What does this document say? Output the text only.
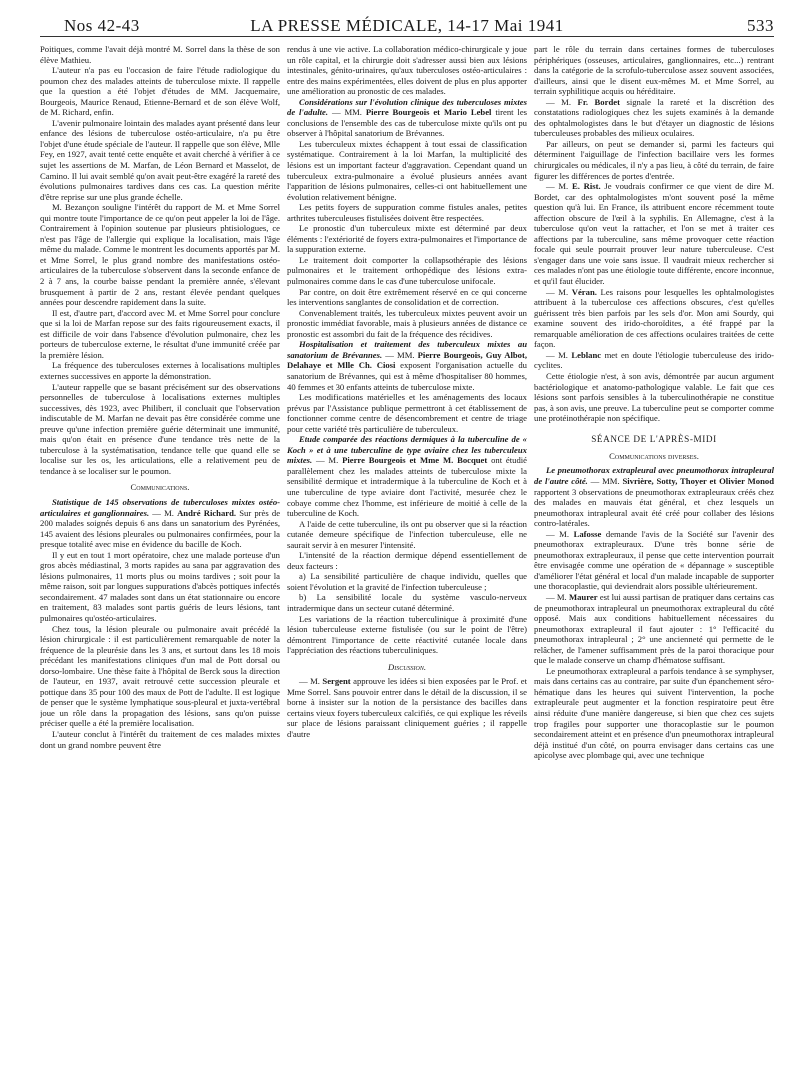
Nos 42-43	LA PRESSE MÉDICALE, 14-17 Mai 1941	533

Poitiques, comme l'avait déjà montré M. Sorrel dans la thèse de son élève Mathieu.

L'auteur n'a pas eu l'occasion de faire l'étude radiologique du poumon chez des malades atteints de tuberculose mixte. Il rappelle que la question a été l'objet d'études de MM. Jacquemaire, Bourgeois, Maurice Renaud, Etienne-Bernard et de son élève Wolf, de M. Richard, enfin.

L'avenir pulmonaire lointain des malades ayant présenté dans leur enfance des lésions de tuberculose ostéo-articulaire, n'a pu être l'objet d'une étude spéciale de l'auteur. Il rappelle que son élève, Mlle Fey, en 1927, avait tenté cette enquête et avait cherché à vérifier à ce sujet les assertions de M. Marfan, de Léon Bernard et Masselot, de Camino. Il lui avait semblé qu'on avait peut-être exagéré la rareté des évolutions pulmonaires tardives dans ces cas. La question mérite d'être reprise sur une plus grande échelle.

M. Bezançon souligne l'intérêt du rapport de M. et Mme Sorrel qui montre toute l'importance de ce qu'on peut appeler la loi de l'âge. Contrairement à l'opinion soutenue par plusieurs phtisiologues, ce n'est pas l'âge de l'allergie qui explique la localisation, mais l'âge même du malade. Comme le montrent les documents apportés par M. et Mme Sorrel, le plus grand nombre des manifestations ostéo-articulaires de la tuberculose s'observent dans la seconde enfance de 2 à 7 ans, la courbe baisse pendant la première année, s'élevant brusquement à partir de 2 ans, restant élevée pendant quelques années pour descendre rapidement dans la suite.

Il est, d'autre part, d'accord avec M. et Mme Sorrel pour conclure que si la loi de Marfan repose sur des faits rigoureusement exacts, il est difficile de voir dans l'absence d'évolution pulmonaire, chez les porteurs de tuberculose externe, le résultat d'une immunité créée par la première lésion.

La fréquence des tuberculoses externes à localisations multiples externes successives en apporte la démonstration.

L'auteur rappelle que se basant précisément sur des observations personnelles de tuberculose à localisations externes multiples successives, dès 1923, avec Philibert, il concluait que l'observation indiscutable de M. Marfan ne devait pas être considérée comme une preuve qu'une infection première guérie déterminait une immunité, mais qu'on était en présence d'une tendance très nette de la tuberculose à la systématisation, tendance telle que quand elle se localise sur les os, les articulations, elle a relativement peu de tendance à se localiser sur le poumon.

Communications.

Statistique de 145 observations de tuberculoses mixtes ostéo-articulaires et ganglionnaires. — M. André Richard. Sur près de 200 malades soignés depuis 6 ans dans un sanatorium des Pyrénées, 145 avaient des lésions pleurales ou pulmonaires confirmées, pour la presque totalité avec mise en évidence du bacille de Koch.

Il y eut en tout 1 mort opératoire, chez une malade porteuse d'un gros abcès médiastinal, 3 morts rapides au sana par aggravation des lésions pulmonaires, 11 morts plus ou moins tardives ; soit pour la même raison, soit par longues suppurations d'abcès pottiques infectés secondairement. 47 malades sont dans un état stationnaire ou encore en traitement, 83 malades sont partis guéris de leurs lésions, tant pulmonaires qu'ostéo-articulaires.

Chez tous, la lésion pleurale ou pulmonaire avait précédé la lésion chirurgicale : il est particulièrement remarquable de noter la fréquence de la pleurésie dans les 3 ans, et surtout dans les 18 mois précédant les manifestations cliniques d'un mal de Pott dorsal ou dorso-lombaire. Une thèse faite à l'hôpital de Berck sous la direction de l'auteur, en 1937, avait retrouvé cette succession pleurale et pottique dans 35 pour 100 des maux de Pott de l'adulte. Il est logique de penser que le système lymphatique sous-pleural et juxta-vertébral joue un rôle dans la propagation des lésions, sans qu'on puisse préciser quelle a été la première localisation.

L'auteur conclut à l'intérêt du traitement de ces malades mixtes dont un grand nombre peuvent être

rendus à une vie active. La collaboration médico-chirurgicale y joue un rôle capital, et la chirurgie doit s'adresser aussi bien aux lésions intestinales, génito-urinaires, qu'aux tuberculoses ostéo-articulaires : entre des mains expérimentées, elles doivent de plus en plus apporter une amélioration au pronostic de ces malades.

Considérations sur l'évolution clinique des tuberculoses mixtes de l'adulte. — MM. Pierre Bourgeois et Mario Lebel tirent les conclusions de l'ensemble des cas de tuberculose mixte qu'ils ont pu observer à l'hôpital sanatorium de Brévannes.

Les tuberculeux mixtes échappent à tout essai de classification systématique. Contrairement à la loi Marfan, la multiplicité des lésions est un important facteur d'aggravation. Cependant quand un tuberculeux extra-pulmonaire a évolué plusieurs années avant l'apparition de lésions pulmonaires, celles-ci ont habituellement une évolution relativement bénigne.

Les petits foyers de suppuration comme fistules anales, petites arthrites tuberculeuses fistulisées doivent être respectées.

Le pronostic d'un tuberculeux mixte est déterminé par deux éléments : l'extériorité de foyers extra-pulmonaires et l'importance de la suppuration externe.

Le traitement doit comporter la collapsothérapie des lésions pulmonaires et le traitement orthopédique des lésions extra-pulmonaires comme dans le cas d'une tuberculose unifocale.

Par contre, on doit être extrêmement réservé en ce qui concerne les interventions sanglantes de consolidation et de correction.

Convenablement traités, les tuberculeux mixtes peuvent avoir un pronostic immédiat favorable, mais à plusieurs années de distance ce pronostic est assombri du fait de la fréquence des récidives.

Hospitalisation et traitement des tuberculeux mixtes au sanatorium de Brévannes. — MM. Pierre Bourgeois, Guy Albot, Delahaye et Mlle Ch. Ciosi exposent l'organisation actuelle du sanatorium de Brévannes, qui est à même d'hospitaliser 80 hommes, 40 femmes et 30 enfants atteints de tuberculose mixte.

Les modifications matérielles et les aménagements des locaux prévus par l'Assistance publique permettront à cet établissement de fonctionner comme centre de désencombrement et centre de triage pour cette variété très particulière de tuberculeux.

Etude comparée des réactions dermiques à la tuberculine de « Koch » et à une tuberculine de type aviaire chez les tuberculeux mixtes. — M. Pierre Bourgeois et Mme M. Bocquet ont étudié parallèlement chez les malades atteints de tuberculose mixte la sensibilité dermique et intradermique à la tuberculine de Koch et à une tuberculine de type aviaire dont l'activité, mesurée chez le cobaye comme chez l'homme, est inférieure de moitié à celle de la tuberculine de Koch.

A l'aide de cette tuberculine, ils ont pu observer que si la réaction cutanée demeure spécifique de l'infection tuberculeuse, elle ne saurait servir à en mesurer l'intensité.

L'intensité de la réaction dermique dépend essentiellement de deux facteurs :

a) La sensibilité particulière de chaque individu, quelles que soient l'évolution et la gravité de l'infection tuberculeuse ;

b) La sensibilité locale du système vasculo-nerveux intradermique dans un secteur cutané déterminé.

Les variations de la réaction tuberculinique à proximité d'une lésion tuberculeuse externe fistulisée (ou sur le point de l'être) démontrent l'importance de cette réactivité cutanée locale dans l'appréciation des réactions tuberculiniques.

Discussion.

— M. Sergent approuve les idées si bien exposées par le Prof. et Mme Sorrel. Sans pouvoir entrer dans le détail de la discussion, il se borne à insister sur la notion de la persistance des bacilles dans certains vieux foyers tuberculeux calcifiés, ce qui explique les réveils sur place de lésions paraissant cliniquement guéries ; il rappelle d'autre

part le rôle du terrain dans certaines formes de tuberculoses périphériques (osseuses, articulaires, ganglionnaires, etc...) rentrant dans la catégorie de la scrofulo-tuberculose assez souvent associées, d'ailleurs, ainsi que le disent eux-mêmes M. et Mme Sorrel, au terrain syphilitique acquis ou héréditaire.

— M. Fr. Bordet signale la rareté et la discrétion des constatations radiologiques chez les sujets examinés à la demande des ophtalmologistes dans le but d'étayer un diagnostic de lésions tuberculeuses probables des milieux oculaires.

Par ailleurs, on peut se demander si, parmi les facteurs qui déterminent l'aiguillage de l'infection bacillaire vers les formes chirurgicales ou médicales, il n'y a pas lieu, à côté du terrain, de faire figurer les différences de portes d'entrée.

— M. E. Rist. Je voudrais confirmer ce que vient de dire M. Bordet, car des ophtalmologistes m'ont souvent posé la même question qu'à lui. En France, ils attribuent encore récemment toute affection obscure de l'œil à la syphilis. En Allemagne, c'est à la tuberculose qu'on veut la rattacher, et l'on se met à traiter ces affections par la tuberculine, sans même provoquer cette réaction focale qui seule pourrait prouver leur nature tuberculeuse. C'est s'engager dans une voie sans issue. Il vaudrait mieux rechercher si ces malades n'ont pas une étiologie toute différente, encore inconnue, et qu'il faut élucider.

— M. Véran. Les raisons pour lesquelles les ophtalmologistes attribuent à la tuberculose ces affections obscures, c'est qu'elles guérissent très bien parfois par les sels d'or. Mon ami Sourdy, qui examine souvent des irido-choroïdites, a été frappé par la remarquable amélioration de ces affections oculaires traitées de cette façon.

— M. Leblanc met en doute l'étiologie tuberculeuse des irido-cyclites.

Cette étiologie n'est, à son avis, démontrée par aucun argument bactériologique et anatomo-pathologique valable. Le fait que ces lésions sont parfois sensibles à la tuberculinothérapie ne constitue pas, à son avis, une preuve. La tuberculine peut se comporter comme une protéinothérapie non spécifique.

SÉANCE DE L'APRÈS-MIDI

Communications diverses.

Le pneumothorax extrapleural avec pneumothorax intrapleural de l'autre côté. — MM. Sivrière, Sotty, Thoyer et Olivier Monod rapportent 3 observations de pneumothorax extrapleuraux créés chez des malades en mauvais état général, et chez lesquels un pneumothorax intrapleural avait été créé pour collaber des lésions contro-latérales.

— M. Lafosse demande l'avis de la Société sur l'avenir des pneumothorax extrapleuraux. D'une très bonne série de pneumothorax extrapleuraux, il pense que cette intervention pourrait être envisagée comme une opération de « dépannage » susceptible d'améliorer l'état général et local d'un malade incapable de supporter une thoracoplastie, qui deviendrait alors possible ultérieurement.

— M. Maurer est lui aussi partisan de pratiquer dans certains cas de pneumothorax intrapleural un pneumothorax extrapleural du côté opposé. Mais aux conditions habituellement nécessaires du pneumothorax extrapleural il faut ajouter : 1° l'efficacité du pneumothorax intrapleural ; 2° une ancienneté qui permette de le relâcher, de l'amener suffisamment près de la paroi thoracique pour que le malade conserve un champ d'hématose suffisant.

Le pneumothorax extrapleural a parfois tendance à se symphyser, mais dans certains cas au contraire, par suite d'un épanchement séro-hématique dans les heures qui suivent l'intervention, la poche extrapleurale peut augmenter et la fonction respiratoire peut être ainsi réduite d'une manière dangereuse, si bien que chez ces sujets trop fragiles pour supporter une thoracoplastie sur le poumon secondairement atteint et en présence d'un pneumothorax intrapleural déjà institué d'un côté, on pourra envisager dans certains cas une apicolyse avec plombage qui, avec une technique
